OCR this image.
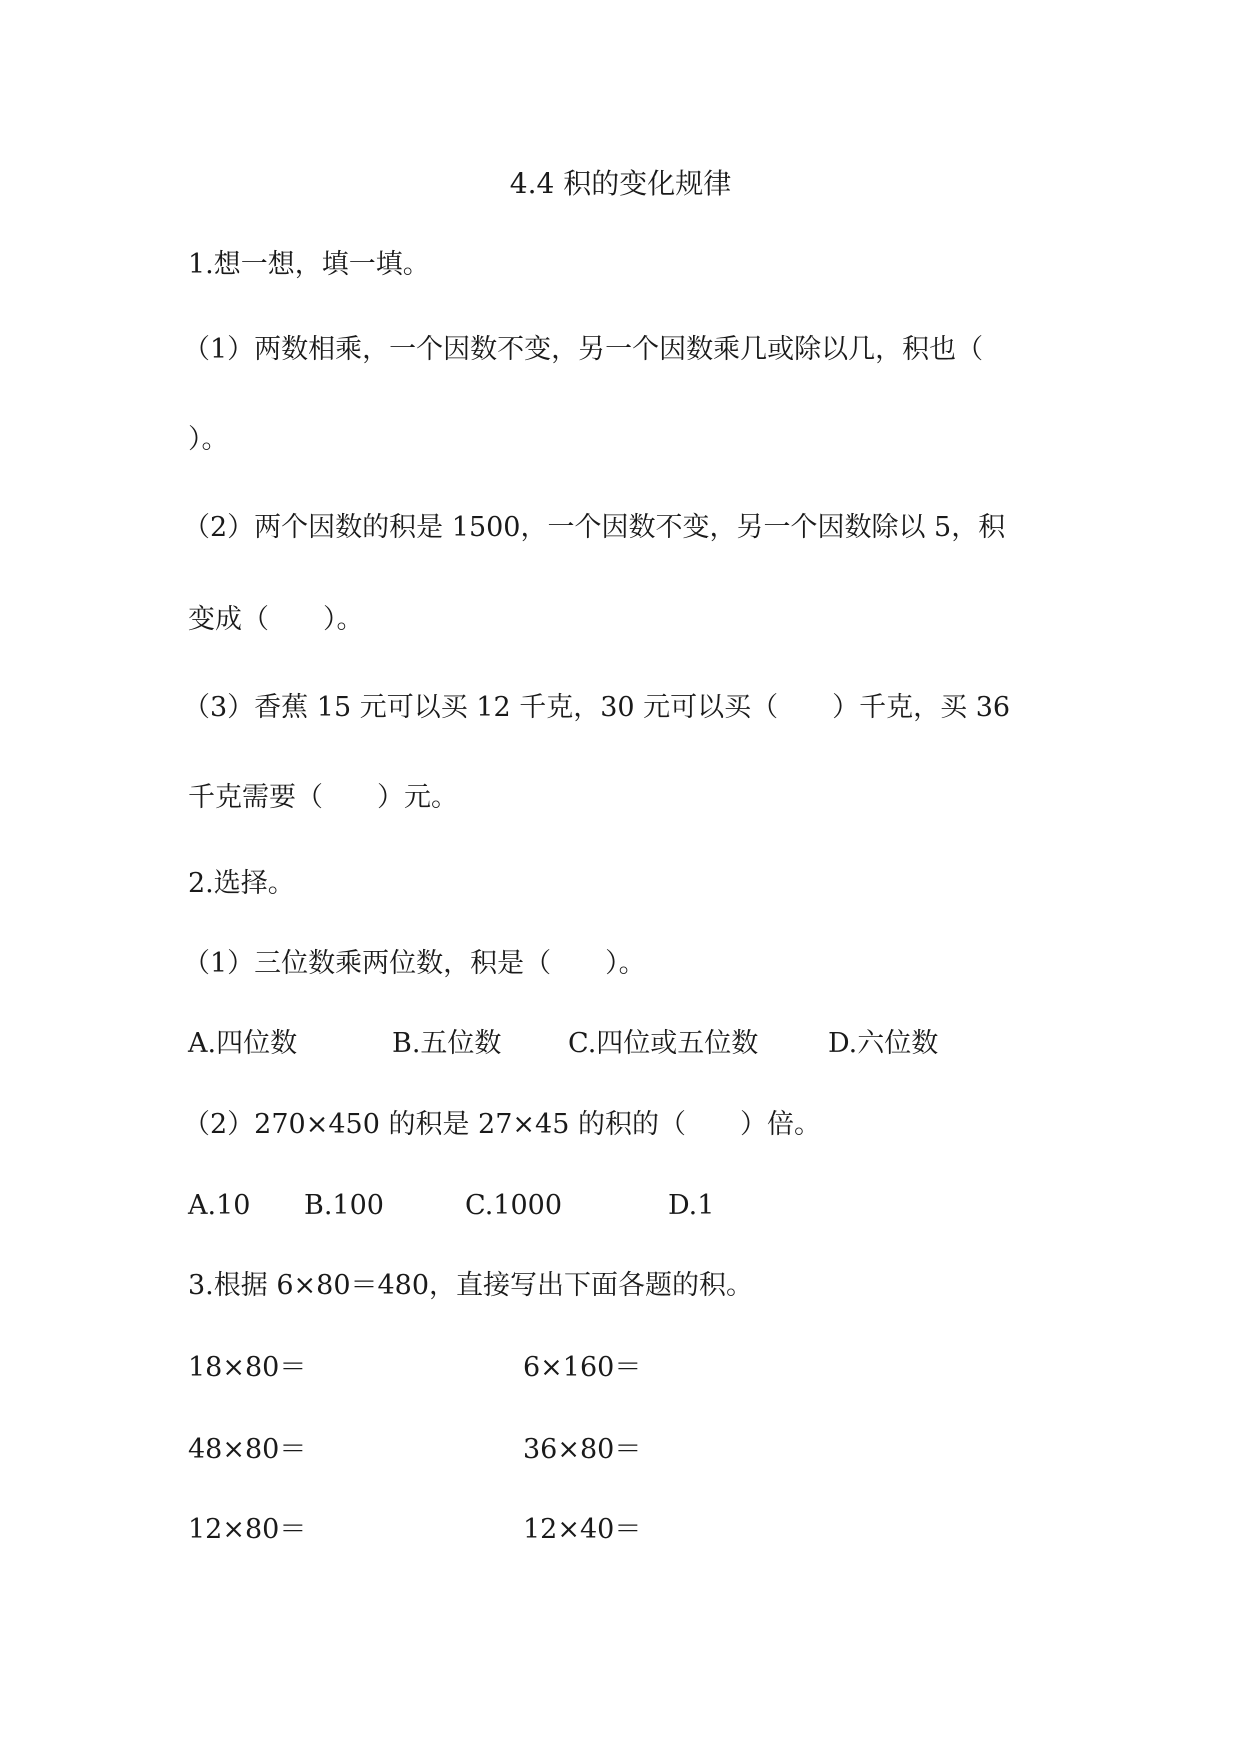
4.4 积的变化规律
1.想一想，填一填。
（1）两数相乘，一个因数不变，另一个因数乘几或除以几，积也（
）。
（2）两个因数的积是 1500，一个因数不变，另一个因数除以 5，积
变成（　　）。
（3）香蕉 15 元可以买 12 千克，30 元可以买（　　）千克，买 36
千克需要（　　）元。
2.选择。
（1）三位数乘两位数，积是（　　）。
A.四位数	B.五位数 C.四位或五位数	D.六位数
（2）270×450 的积是 27×45 的积的（　　）倍。
A.10 B.100	C.1000	D.1
3.根据 6×80＝480，直接写出下面各题的积。
18×80＝	6×160＝
48×80＝	36×80＝
12×80＝	12×40＝
